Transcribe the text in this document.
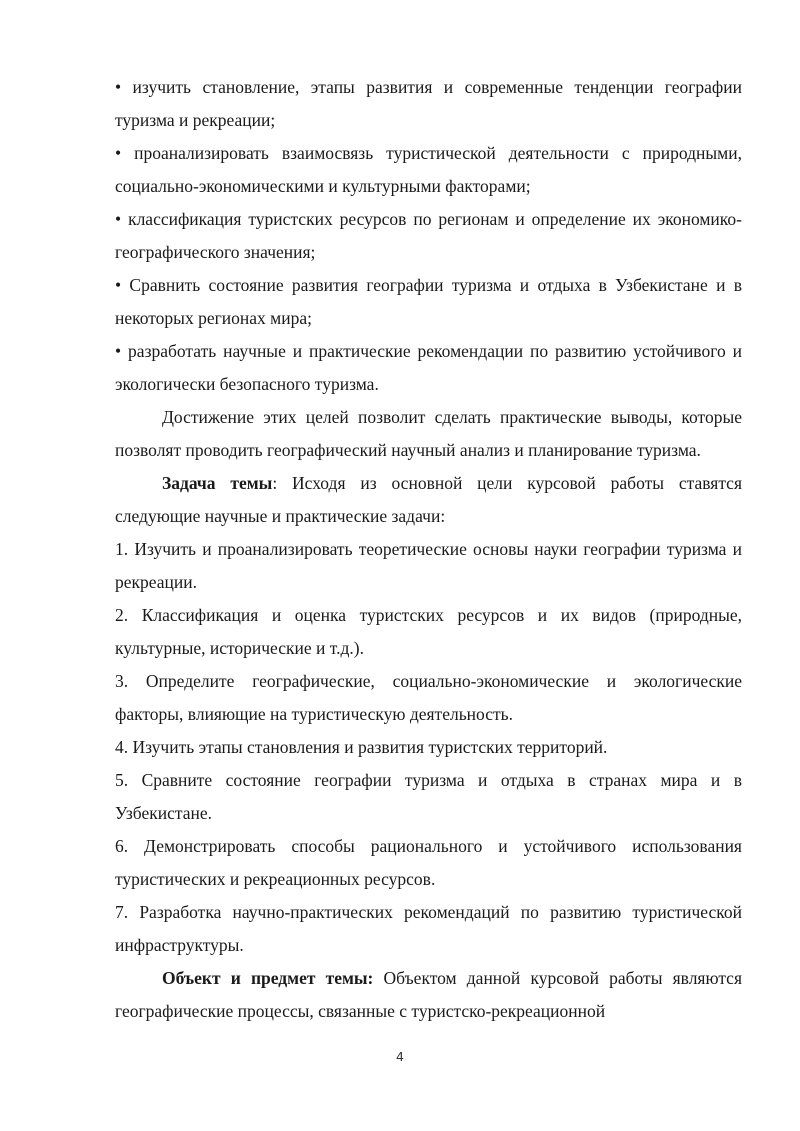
• изучить становление, этапы развития и современные тенденции географии туризма и рекреации;

• проанализировать взаимосвязь туристической деятельности с природными, социально-экономическими и культурными факторами;

• классификация туристских ресурсов по регионам и определение их экономико-географического значения;

• Сравнить состояние развития географии туризма и отдыха в Узбекистане и в некоторых регионах мира;

• разработать научные и практические рекомендации по развитию устойчивого и экологически безопасного туризма.

Достижение этих целей позволит сделать практические выводы, которые позволят проводить географический научный анализ и планирование туризма.

Задача темы: Исходя из основной цели курсовой работы ставятся следующие научные и практические задачи:

1. Изучить и проанализировать теоретические основы науки географии туризма и рекреации.

2. Классификация и оценка туристских ресурсов и их видов (природные, культурные, исторические и т.д.).

3. Определите географические, социально-экономические и экологические факторы, влияющие на туристическую деятельность.

4. Изучить этапы становления и развития туристских территорий.

5. Сравните состояние географии туризма и отдыха в странах мира и в Узбекистане.

6. Демонстрировать способы рационального и устойчивого использования туристических и рекреационных ресурсов.

7. Разработка научно-практических рекомендаций по развитию туристической инфраструктуры.

Объект и предмет темы: Объектом данной курсовой работы являются географические процессы, связанные с туристско-рекреационной

4
